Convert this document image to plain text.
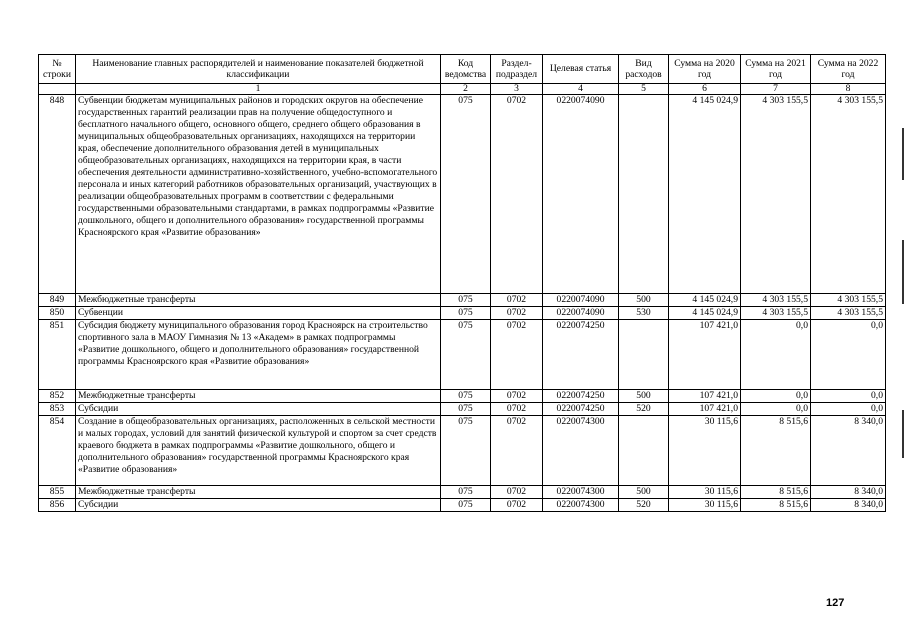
№ строки	Наименование главных распорядителей и наименование показателей бюджетной классификации	Код ведомства	Раздел-подраздел	Целевая статья	Вид расходов	Сумма на 2020 год	Сумма на 2021 год	Сумма на 2022 год
	1	2	3	4	5	6	7	8
848	Субвенции бюджетам муниципальных районов и городских округов на обеспечение государственных гарантий реализации прав на получение общедоступного и бесплатного начального общего, основного общего, среднего общего образования в муниципальных общеобразовательных организациях, находящихся на территории края, обеспечение дополнительного образования детей в муниципальных общеобразовательных организациях, находящихся на территории края, в части обеспечения деятельности административно-хозяйственного, учебно-вспомогательного персонала и иных категорий работников образовательных организаций, участвующих в реализации общеобразовательных программ в соответствии с федеральными государственными образовательными стандартами, в рамках подпрограммы «Развитие дошкольного, общего и дополнительного образования» государственной программы Красноярского края «Развитие образования»	075	0702	0220074090		4 145 024,9	4 303 155,5	4 303 155,5
849	Межбюджетные трансферты	075	0702	0220074090	500	4 145 024,9	4 303 155,5	4 303 155,5
850	Субвенции	075	0702	0220074090	530	4 145 024,9	4 303 155,5	4 303 155,5
851	Субсидия бюджету муниципального образования город Красноярск на строительство спортивного зала в МАОУ Гимназия № 13 «Академ» в рамках подпрограммы «Развитие дошкольного, общего и дополнительного образования» государственной программы Красноярского края «Развитие образования»	075	0702	0220074250		107 421,0	0,0	0,0
852	Межбюджетные трансферты	075	0702	0220074250	500	107 421,0	0,0	0,0
853	Субсидии	075	0702	0220074250	520	107 421,0	0,0	0,0
854	Создание в общеобразовательных организациях, расположенных в сельской местности и малых городах, условий для занятий физической культурой и спортом за счет средств краевого бюджета в рамках подпрограммы «Развитие дошкольного, общего и дополнительного образования» государственной программы Красноярского края «Развитие образования»	075	0702	0220074300		30 115,6	8 515,6	8 340,0
855	Межбюджетные трансферты	075	0702	0220074300	500	30 115,6	8 515,6	8 340,0
856	Субсидии	075	0702	0220074300	520	30 115,6	8 515,6	8 340,0
127
